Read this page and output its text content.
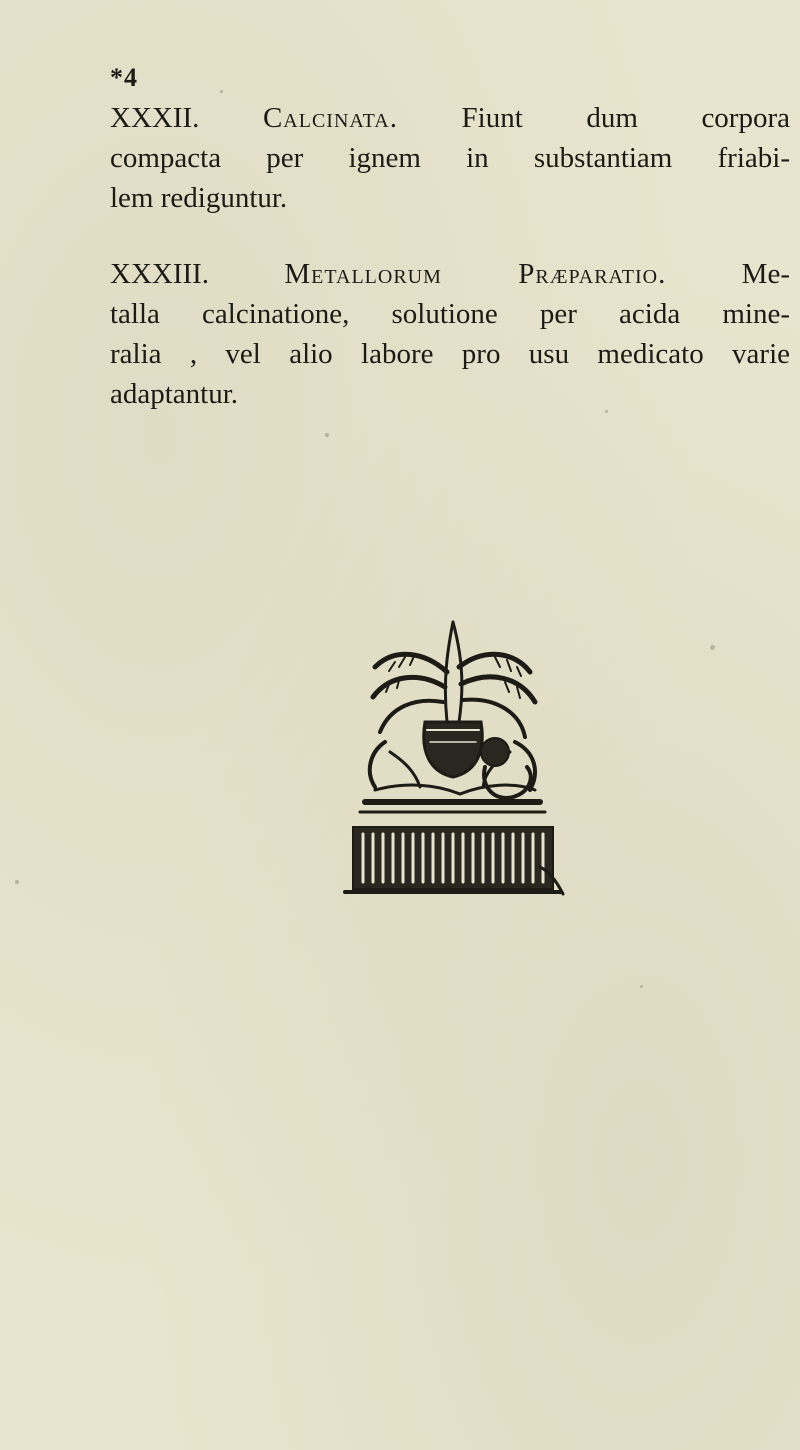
*4
XXXII. Calcinata. Fiunt dum corpora
compacta per ignem in substantiam friabi-
lem rediguntur.
XXXIII.	Metallorum Præparatio.	Me-
talla calcinatione, solutione per acida mine-
ralia , vel alio labore pro usu medicato varie
adaptantur.
